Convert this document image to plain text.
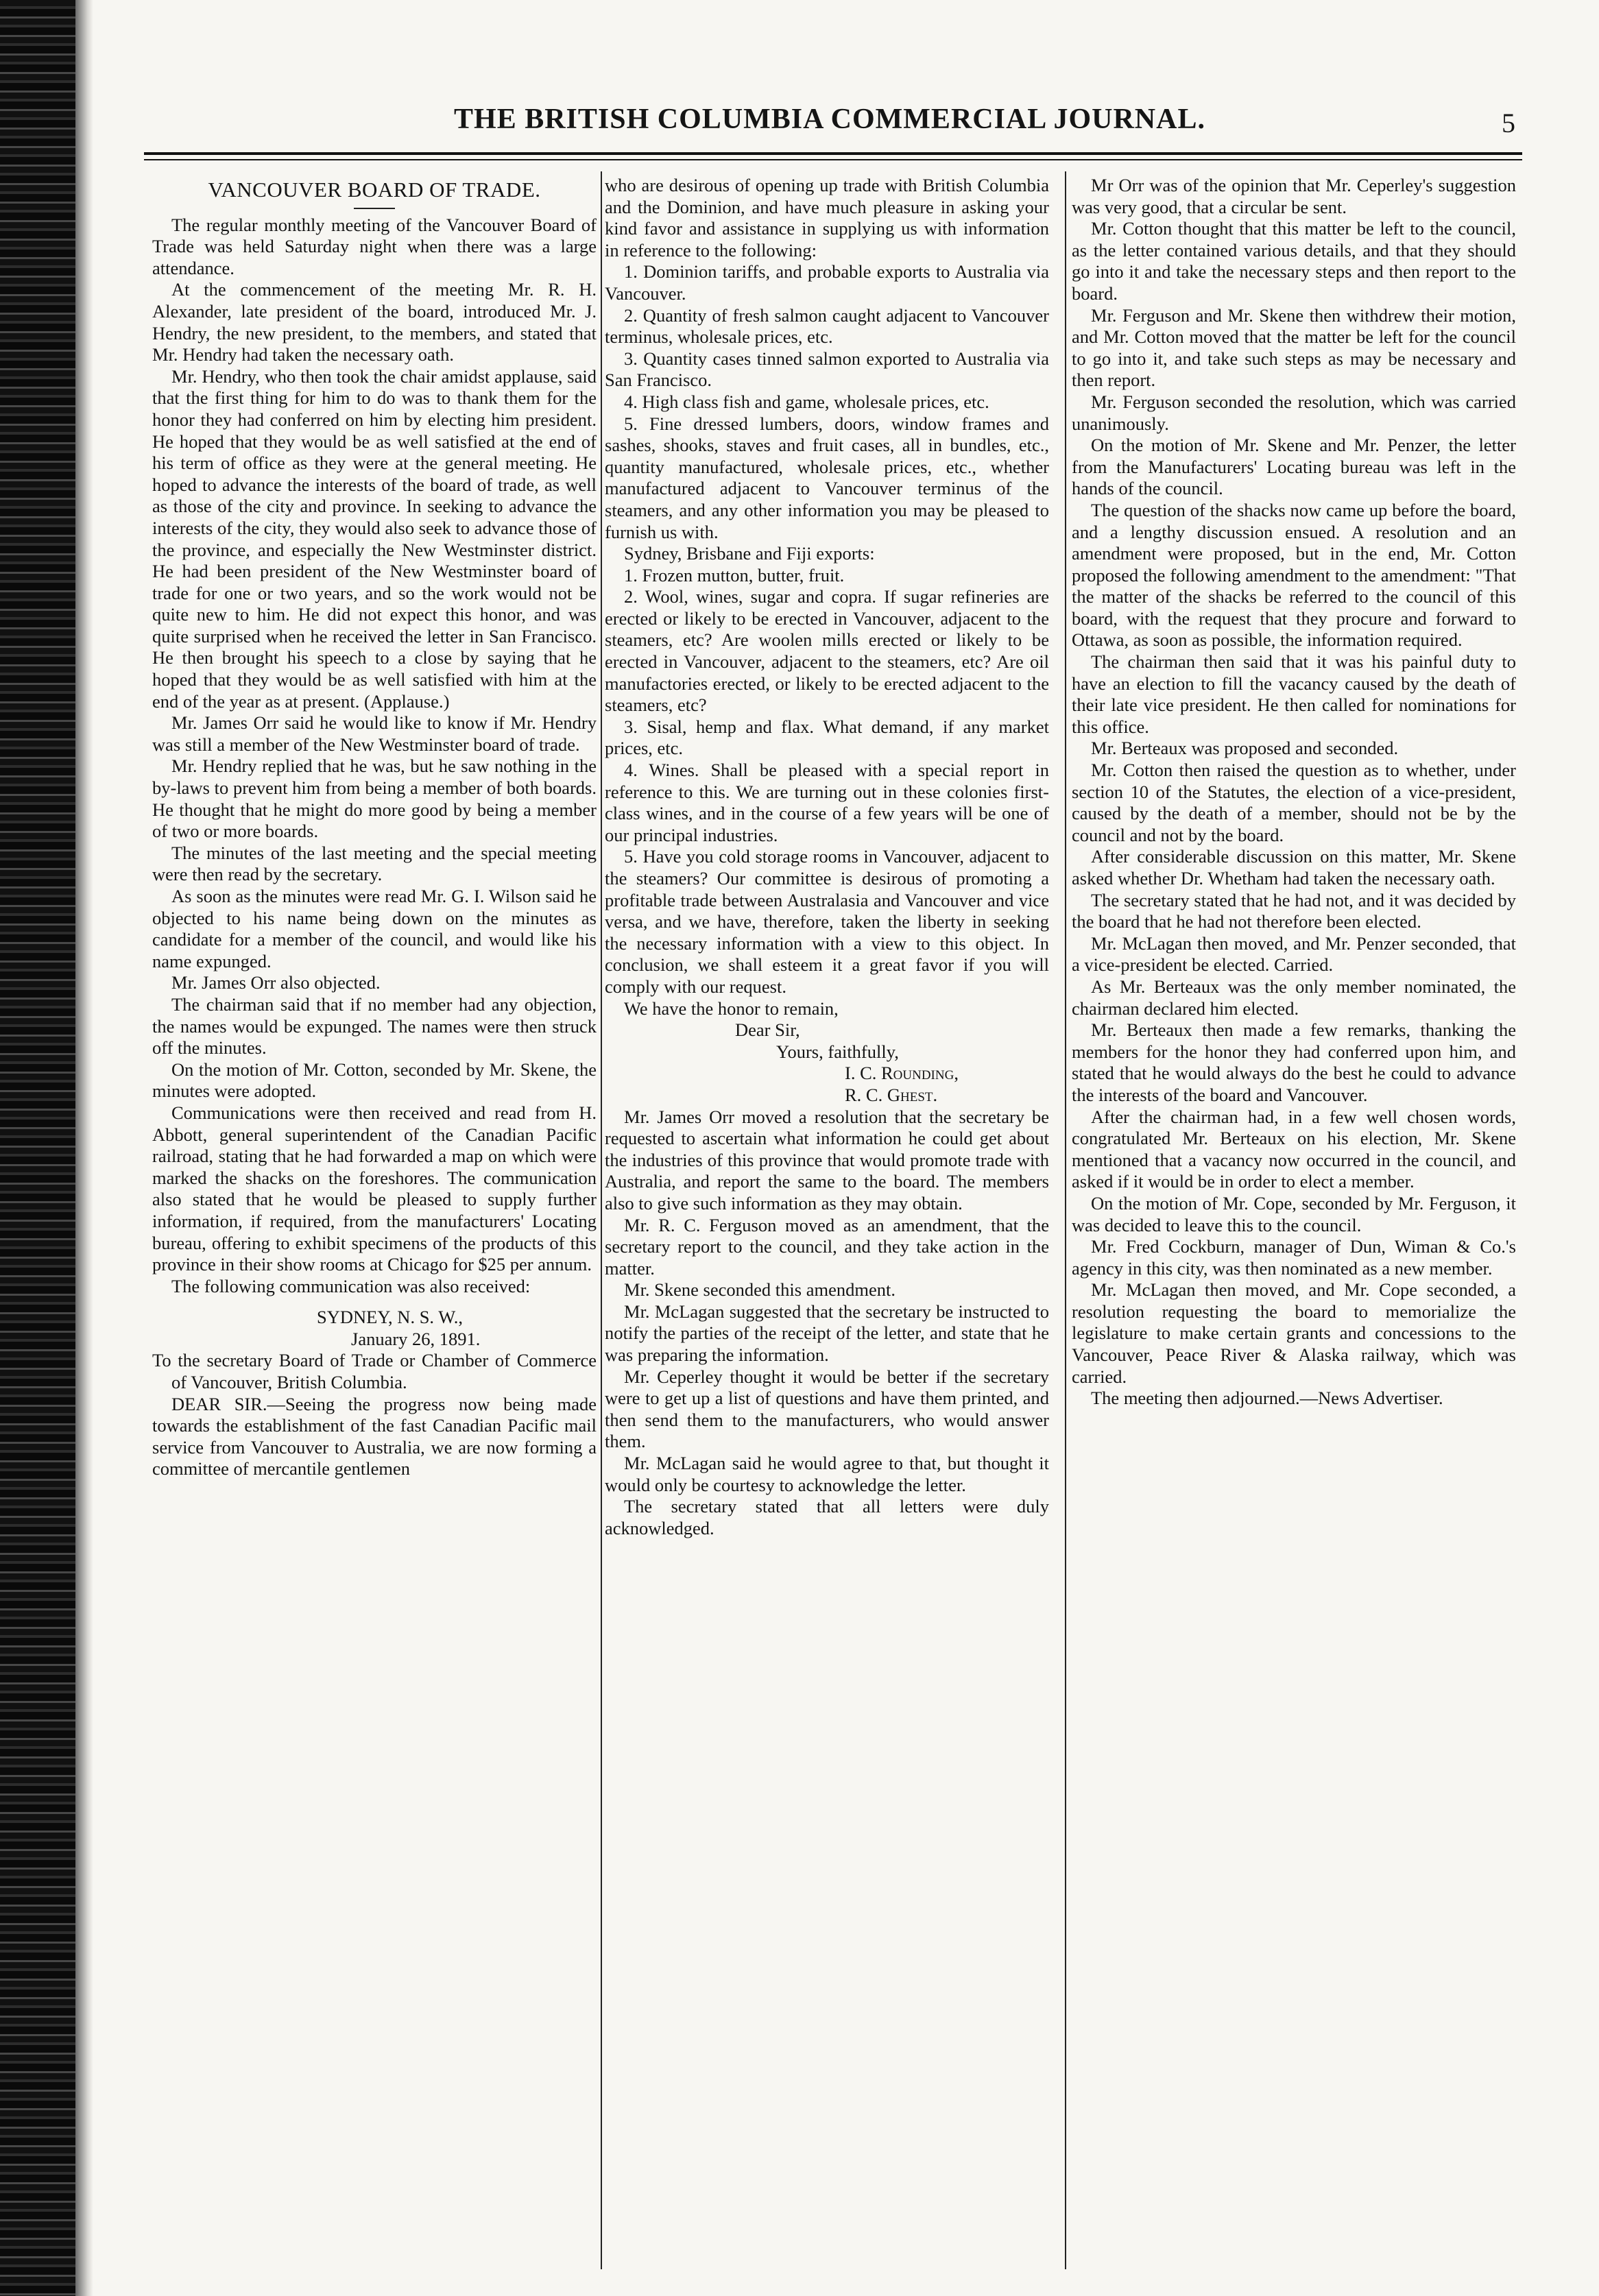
THE BRITISH COLUMBIA COMMERCIAL JOURNAL.	5
VANCOUVER BOARD OF TRADE.

The regular monthly meeting of the Vancouver Board of Trade was held Saturday night when there was a large attendance.

At the commencement of the meeting Mr. R. H. Alexander, late president of the board, introduced Mr. J. Hendry, the new president, to the members, and stated that Mr. Hendry had taken the necessary oath.

Mr. Hendry, who then took the chair amidst applause, said that the first thing for him to do was to thank them for the honor they had conferred on him by electing him president. He hoped that they would be as well satisfied at the end of his term of office as they were at the general meeting. He hoped to advance the interests of the board of trade, as well as those of the city and province. In seeking to advance the interests of the city, they would also seek to advance those of the province, and especially the New Westminster district. He had been president of the New Westminster board of trade for one or two years, and so the work would not be quite new to him. He did not expect this honor, and was quite surprised when he received the letter in San Francisco. He then brought his speech to a close by saying that he hoped that they would be as well satisfied with him at the end of the year as at present. (Applause.)

Mr. James Orr said he would like to know if Mr. Hendry was still a member of the New Westminster board of trade.

Mr. Hendry replied that he was, but he saw nothing in the by-laws to prevent him from being a member of both boards. He thought that he might do more good by being a member of two or more boards.

The minutes of the last meeting and the special meeting were then read by the secretary.

As soon as the minutes were read Mr. G. I. Wilson said he objected to his name being down on the minutes as candidate for a member of the council, and would like his name expunged.

Mr. James Orr also objected.

The chairman said that if no member had any objection, the names would be expunged. The names were then struck off the minutes.

On the motion of Mr. Cotton, seconded by Mr. Skene, the minutes were adopted.

Communications were then received and read from H. Abbott, general superintendent of the Canadian Pacific railroad, stating that he had forwarded a map on which were marked the shacks on the foreshores. The communication also stated that he would be pleased to supply further information, if required, from the manufacturers' Locating bureau, offering to exhibit specimens of the products of this province in their show rooms at Chicago for $25 per annum.

The following communication was also received:

SYDNEY, N. S. W.,

January 26, 1891.

To the secretary Board of Trade or Chamber of Commerce of Vancouver, British Columbia.

DEAR SIR.—Seeing the progress now being made towards the establishment of the fast Canadian Pacific mail service from Vancouver to Australia, we are now forming a committee of mercantile gentlemen

who are desirous of opening up trade with British Columbia and the Dominion, and have much pleasure in asking your kind favor and assistance in supplying us with information in reference to the following:

1. Dominion tariffs, and probable exports to Australia via Vancouver.

2. Quantity of fresh salmon caught adjacent to Vancouver terminus, wholesale prices, etc.

3. Quantity cases tinned salmon exported to Australia via San Francisco.

4. High class fish and game, wholesale prices, etc.

5. Fine dressed lumbers, doors, window frames and sashes, shooks, staves and fruit cases, all in bundles, etc., quantity manufactured, wholesale prices, etc., whether manufactured adjacent to Vancouver terminus of the steamers, and any other information you may be pleased to furnish us with.

Sydney, Brisbane and Fiji exports:

1. Frozen mutton, butter, fruit.

2. Wool, wines, sugar and copra. If sugar refineries are erected or likely to be erected in Vancouver, adjacent to the steamers, etc? Are woolen mills erected or likely to be erected in Vancouver, adjacent to the steamers, etc? Are oil manufactories erected, or likely to be erected adjacent to the steamers, etc?

3. Sisal, hemp and flax. What demand, if any market prices, etc.

4. Wines. Shall be pleased with a special report in reference to this. We are turning out in these colonies first-class wines, and in the course of a few years will be one of our principal industries.

5. Have you cold storage rooms in Vancouver, adjacent to the steamers? Our committee is desirous of promoting a profitable trade between Australasia and Vancouver and vice versa, and we have, therefore, taken the liberty in seeking the necessary information with a view to this object. In conclusion, we shall esteem it a great favor if you will comply with our request.

We have the honor to remain,

Dear Sir,

Yours, faithfully,

I. C. Rounding,

R. C. Ghest.

Mr. James Orr moved a resolution that the secretary be requested to ascertain what information he could get about the industries of this province that would promote trade with Australia, and report the same to the board. The members also to give such information as they may obtain.

Mr. R. C. Ferguson moved as an amendment, that the secretary report to the council, and they take action in the matter.

Mr. Skene seconded this amendment.

Mr. McLagan suggested that the secretary be instructed to notify the parties of the receipt of the letter, and state that he was preparing the information.

Mr. Ceperley thought it would be better if the secretary were to get up a list of questions and have them printed, and then send them to the manufacturers, who would answer them.

Mr. McLagan said he would agree to that, but thought it would only be courtesy to acknowledge the letter.

The secretary stated that all letters were duly acknowledged.

Mr Orr was of the opinion that Mr. Ceperley's suggestion was very good, that a circular be sent.

Mr. Cotton thought that this matter be left to the council, as the letter contained various details, and that they should go into it and take the necessary steps and then report to the board.

Mr. Ferguson and Mr. Skene then withdrew their motion, and Mr. Cotton moved that the matter be left for the council to go into it, and take such steps as may be necessary and then report.

Mr. Ferguson seconded the resolution, which was carried unanimously.

On the motion of Mr. Skene and Mr. Penzer, the letter from the Manufacturers' Locating bureau was left in the hands of the council.

The question of the shacks now came up before the board, and a lengthy discussion ensued. A resolution and an amendment were proposed, but in the end, Mr. Cotton proposed the following amendment to the amendment: "That the matter of the shacks be referred to the council of this board, with the request that they procure and forward to Ottawa, as soon as possible, the information required.

The chairman then said that it was his painful duty to have an election to fill the vacancy caused by the death of their late vice president. He then called for nominations for this office.

Mr. Berteaux was proposed and seconded.

Mr. Cotton then raised the question as to whether, under section 10 of the Statutes, the election of a vice-president, caused by the death of a member, should not be by the council and not by the board.

After considerable discussion on this matter, Mr. Skene asked whether Dr. Whetham had taken the necessary oath.

The secretary stated that he had not, and it was decided by the board that he had not therefore been elected.

Mr. McLagan then moved, and Mr. Penzer seconded, that a vice-president be elected. Carried.

As Mr. Berteaux was the only member nominated, the chairman declared him elected.

Mr. Berteaux then made a few remarks, thanking the members for the honor they had conferred upon him, and stated that he would always do the best he could to advance the interests of the board and Vancouver.

After the chairman had, in a few well chosen words, congratulated Mr. Berteaux on his election, Mr. Skene mentioned that a vacancy now occurred in the council, and asked if it would be in order to elect a member.

On the motion of Mr. Cope, seconded by Mr. Ferguson, it was decided to leave this to the council.

Mr. Fred Cockburn, manager of Dun, Wiman & Co.'s agency in this city, was then nominated as a new member.

Mr. McLagan then moved, and Mr. Cope seconded, a resolution requesting the board to memorialize the legislature to make certain grants and concessions to the Vancouver, Peace River & Alaska railway, which was carried.

The meeting then adjourned.—News Advertiser.
